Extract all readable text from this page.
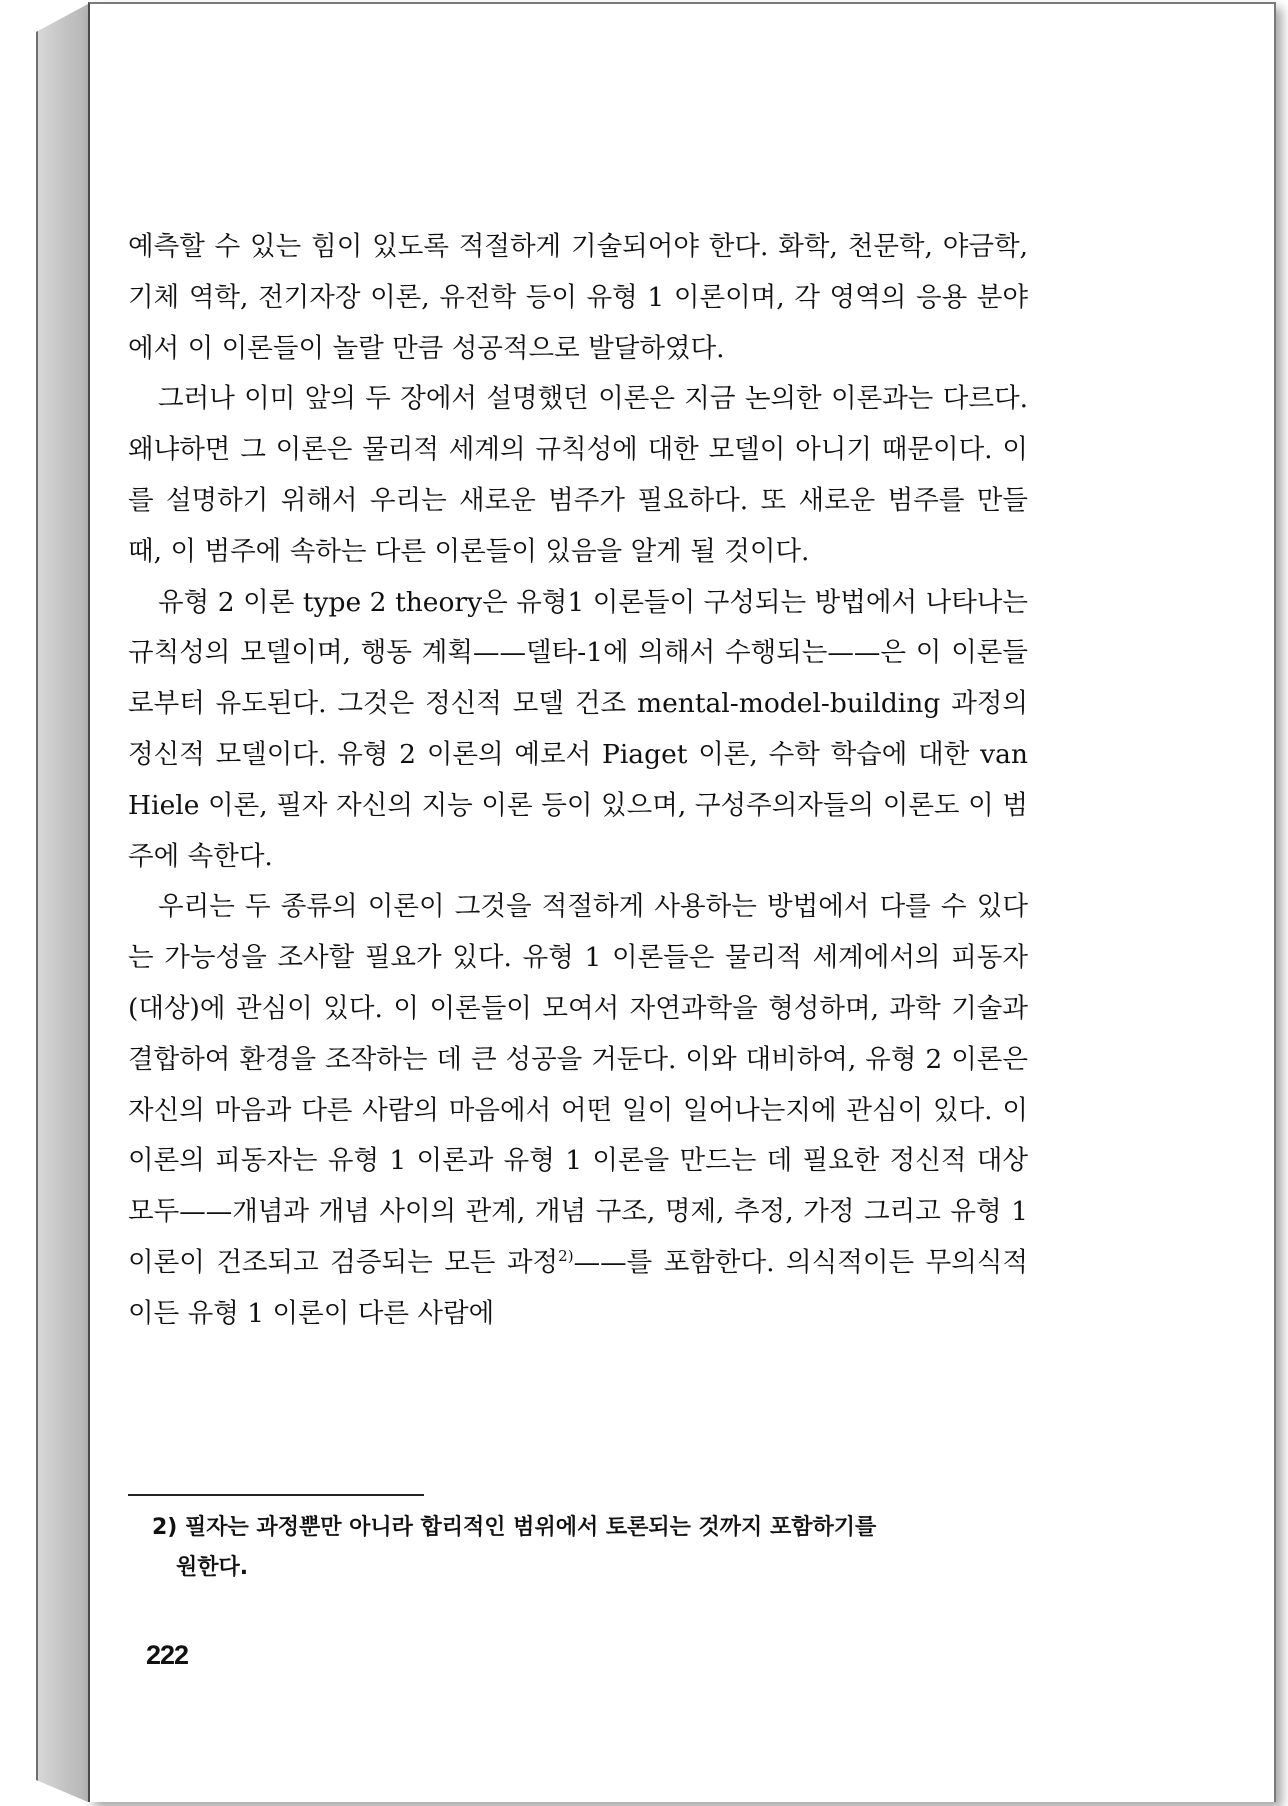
예측할 수 있는 힘이 있도록 적절하게 기술되어야 한다. 화학, 천문학, 야금학, 기체 역학, 전기자장 이론, 유전학 등이 유형 1 이론이며, 각 영역의 응용 분야에서 이 이론들이 놀랄 만큼 성공적으로 발달하였다.

그러나 이미 앞의 두 장에서 설명했던 이론은 지금 논의한 이론과는 다르다. 왜냐하면 그 이론은 물리적 세계의 규칙성에 대한 모델이 아니기 때문이다. 이를 설명하기 위해서 우리는 새로운 범주가 필요하다. 또 새로운 범주를 만들 때, 이 범주에 속하는 다른 이론들이 있음을 알게 될 것이다.

유형 2 이론 type 2 theory은 유형1 이론들이 구성되는 방법에서 나타나는 규칙성의 모델이며, 행동 계획——델타-1에 의해서 수행되는——은 이 이론들로부터 유도된다. 그것은 정신적 모델 건조 mental-model-building 과정의 정신적 모델이다. 유형 2 이론의 예로서 Piaget 이론, 수학 학습에 대한 van Hiele 이론, 필자 자신의 지능 이론 등이 있으며, 구성주의자들의 이론도 이 범주에 속한다.

우리는 두 종류의 이론이 그것을 적절하게 사용하는 방법에서 다를 수 있다는 가능성을 조사할 필요가 있다. 유형 1 이론들은 물리적 세계에서의 피동자(대상)에 관심이 있다. 이 이론들이 모여서 자연과학을 형성하며, 과학 기술과 결합하여 환경을 조작하는 데 큰 성공을 거둔다. 이와 대비하여, 유형 2 이론은 자신의 마음과 다른 사람의 마음에서 어떤 일이 일어나는지에 관심이 있다. 이 이론의 피동자는 유형 1 이론과 유형 1 이론을 만드는 데 필요한 정신적 대상 모두——개념과 개념 사이의 관계, 개념 구조, 명제, 추정, 가정 그리고 유형 1 이론이 건조되고 검증되는 모든 과정$^{2)}$——를 포함한다. 의식적이든 무의식적이든 유형 1 이론이 다른 사람에

2) 필자는 과정뿐만 아니라 합리적인 범위에서 토론되는 것까지 포함하기를
원한다.
222
